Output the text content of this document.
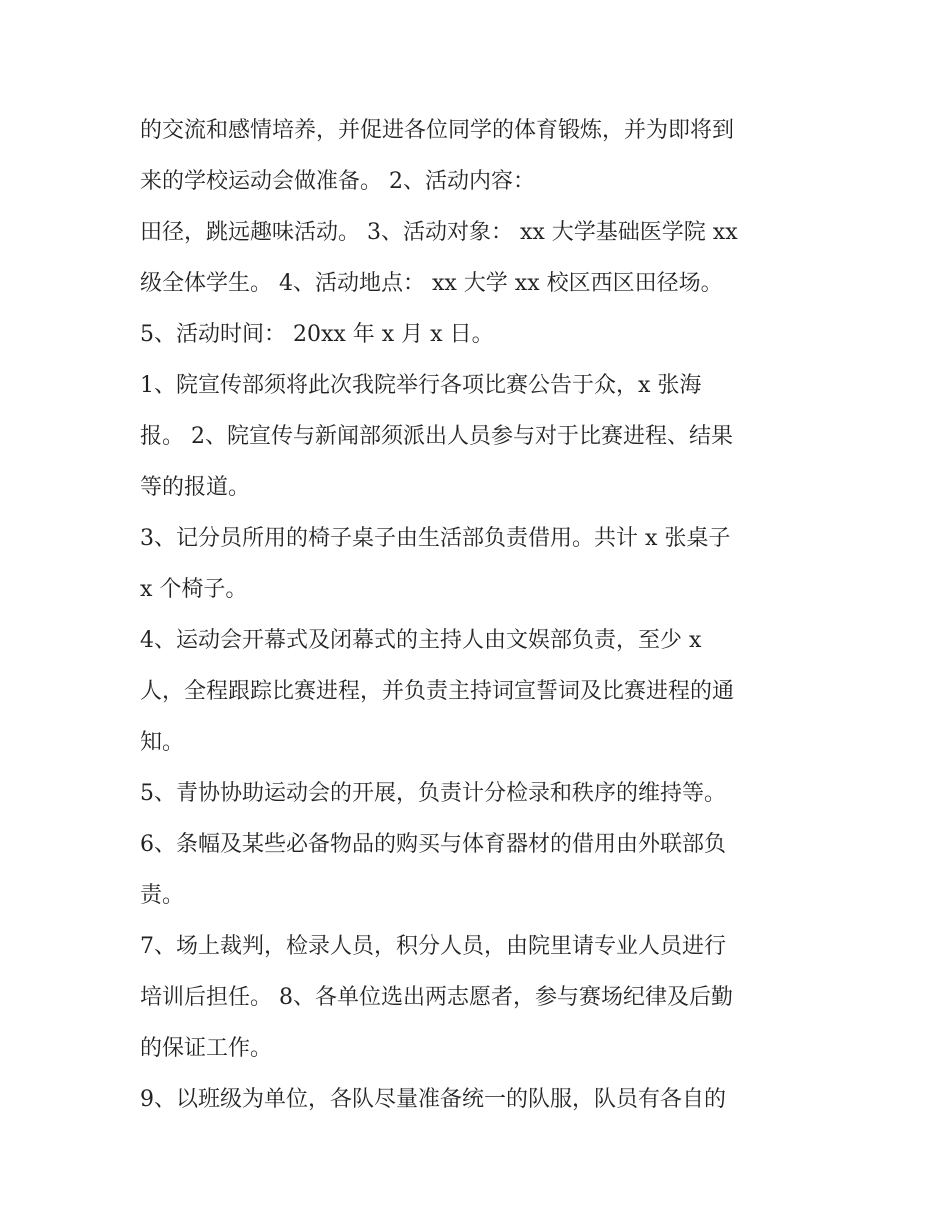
的交流和感情培养，并促进各位同学的体育锻炼，并为即将到
来的学校运动会做准备。 2、活动内容：
田径，跳远趣味活动。 3、活动对象： xx 大学基础医学院 xx
级全体学生。 4、活动地点： xx 大学 xx 校区西区田径场。
5、活动时间： 20xx 年 x 月 x 日。
1、院宣传部须将此次我院举行各项比赛公告于众，x 张海
报。 2、院宣传与新闻部须派出人员参与对于比赛进程、结果
等的报道。
3、记分员所用的椅子桌子由生活部负责借用。共计 x 张桌子
x 个椅子。
4、运动会开幕式及闭幕式的主持人由文娱部负责，至少 x
人，全程跟踪比赛进程，并负责主持词宣誓词及比赛进程的通
知。
5、青协协助运动会的开展，负责计分检录和秩序的维持等。
6、条幅及某些必备物品的购买与体育器材的借用由外联部负
责。
7、场上裁判，检录人员，积分人员，由院里请专业人员进行
培训后担任。 8、各单位选出两志愿者，参与赛场纪律及后勤
的保证工作。
9、以班级为单位，各队尽量准备统一的队服，队员有各自的
